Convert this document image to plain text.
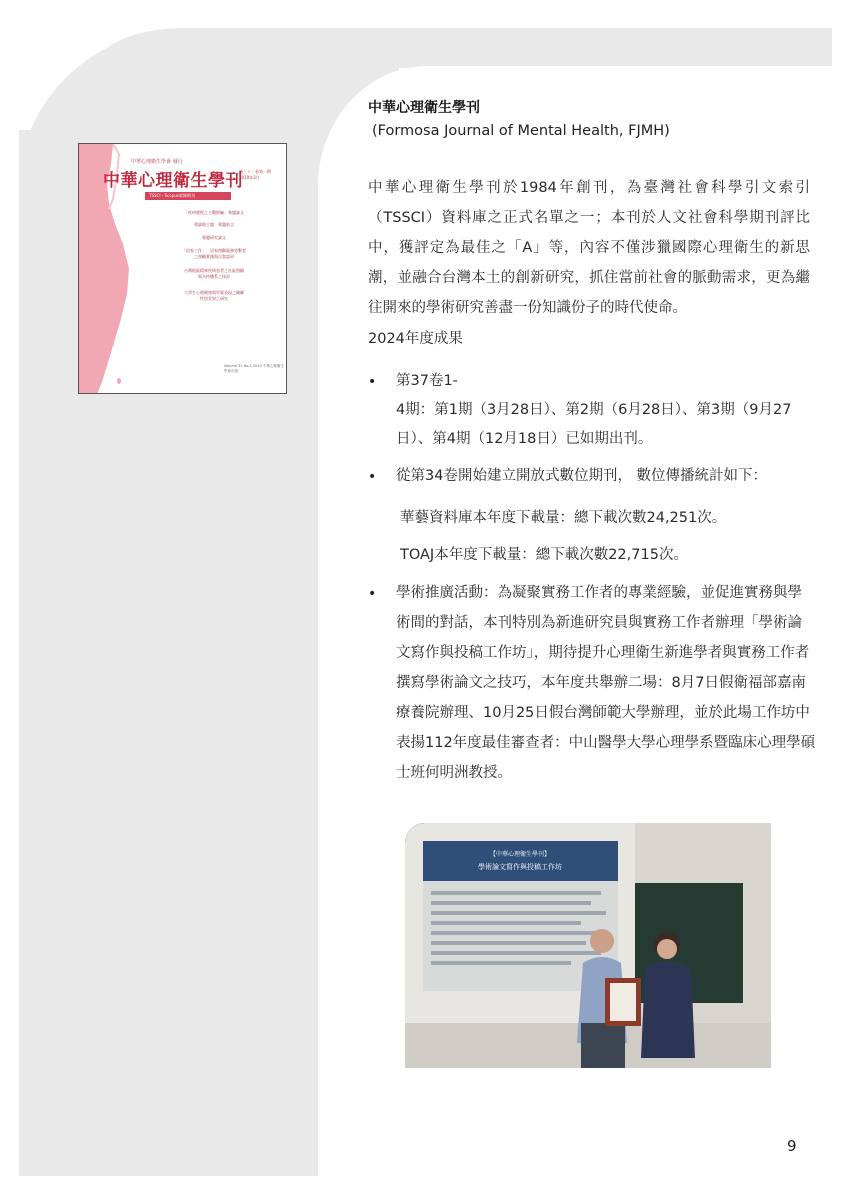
中華心理衛生學會 發行
中華心理衛生學刊
第三十二卷第一期 2019年3月
TSSCI・Scopus收錄期刊
「疾病歷程之主觀經驗」專題論文
導論與主題　專題前言
專題研究論文
「回家工作」：居家照顧服務勞動者
之照顧實踐與自我認同
台灣地區精神疾病患者之社區照顧
與支持體系之探討
大學生心理健康與學業表現之關聯
性別差異之研究
Volume 32 No.1 2019 中華心理衛生學會出版
中華心理衛生學刊
(Formosa Journal of Mental Health, FJMH)
中華心理衛生學刊於1984年創刊，為臺灣社會科學引文索引（TSSCI）資料庫之正式名單之一；本刊於人文社會科學期刊評比中，獲評定為最佳之「A」等，內容不僅涉獵國際心理衛生的新思潮，並融合台灣本土的創新研究，抓住當前社會的脈動需求，更為繼往開來的學術研究善盡一份知識份子的時代使命。
2024年度成果
• 第37卷1-
4期：第1期（3月28日）、第2期（6月28日）、第3期（9月27日）、第4期（12月18日）已如期出刊。
• 從第34卷開始建立開放式數位期刊， 數位傳播統計如下：
華藝資料庫本年度下載量：總下載次數24,251次。
TOAJ本年度下載量：總下載次數22,715次。
• 學術推廣活動：為凝聚實務工作者的專業經驗，並促進實務與學術間的對話，本刊特別為新進研究員與實務工作者辦理「學術論文寫作與投稿工作坊」，期待提升心理衛生新進學者與實務工作者撰寫學術論文之技巧，本年度共舉辦二場：8月7日假衛福部嘉南療養院辦理、10月25日假台灣師範大學辦理，並於此場工作坊中表揚112年度最佳審查者：中山醫學大學心理學系暨臨床心理學碩士班何明洲教授。
【中華心理衛生學刊】
學術論文寫作與投稿工作坊
9
